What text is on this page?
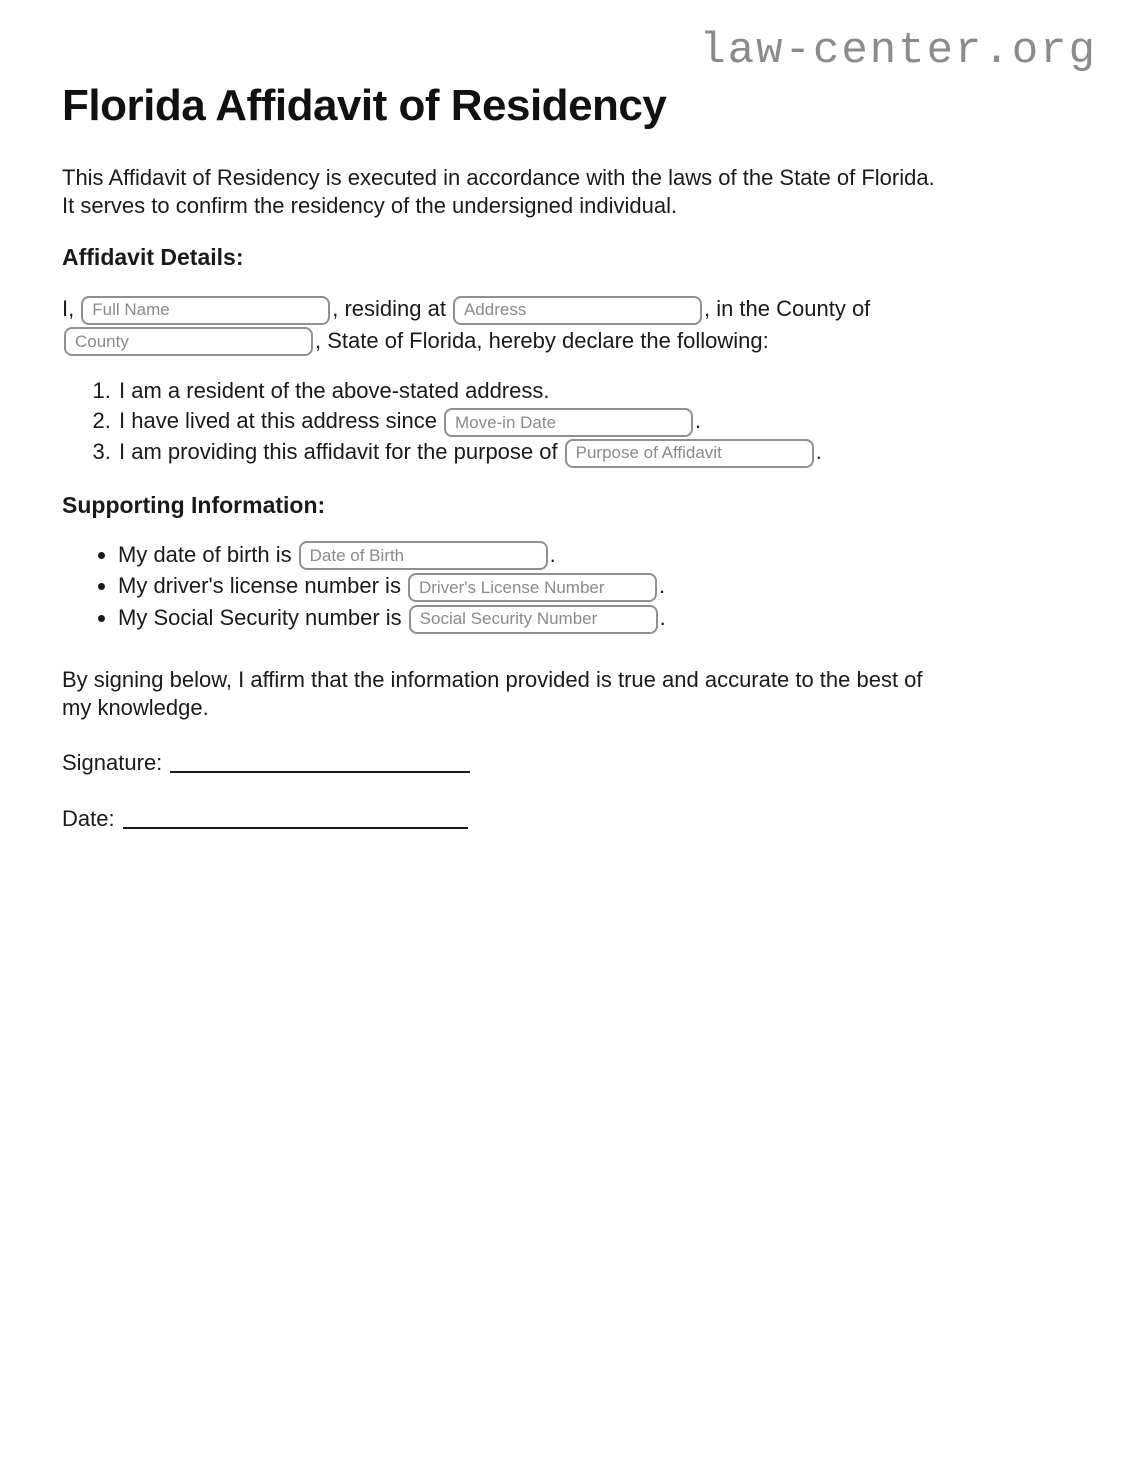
law-center.org
Florida Affidavit of Residency

This Affidavit of Residency is executed in accordance with the laws of the State of Florida.
It serves to confirm the residency of the undersigned individual.

Affidavit Details:

I,Full Name	, residing atAddress	, in the County ofCounty, State of Florida, hereby declare the following:

1. I am a resident of the above-stated address.
2. I have lived at this address sinceMove-in Date	.
3. I am providing this affidavit for the purpose ofPurpose of Affidavit	.
Supporting Information:
• My date of birth isDate of Birth	.
• My driver's license number isDriver's License Number	.
• My Social Security number isSocial Security Number	.

By signing below, I affirm that the information provided is true and accurate to the best of
my knowledge.

Signature:

Date:
